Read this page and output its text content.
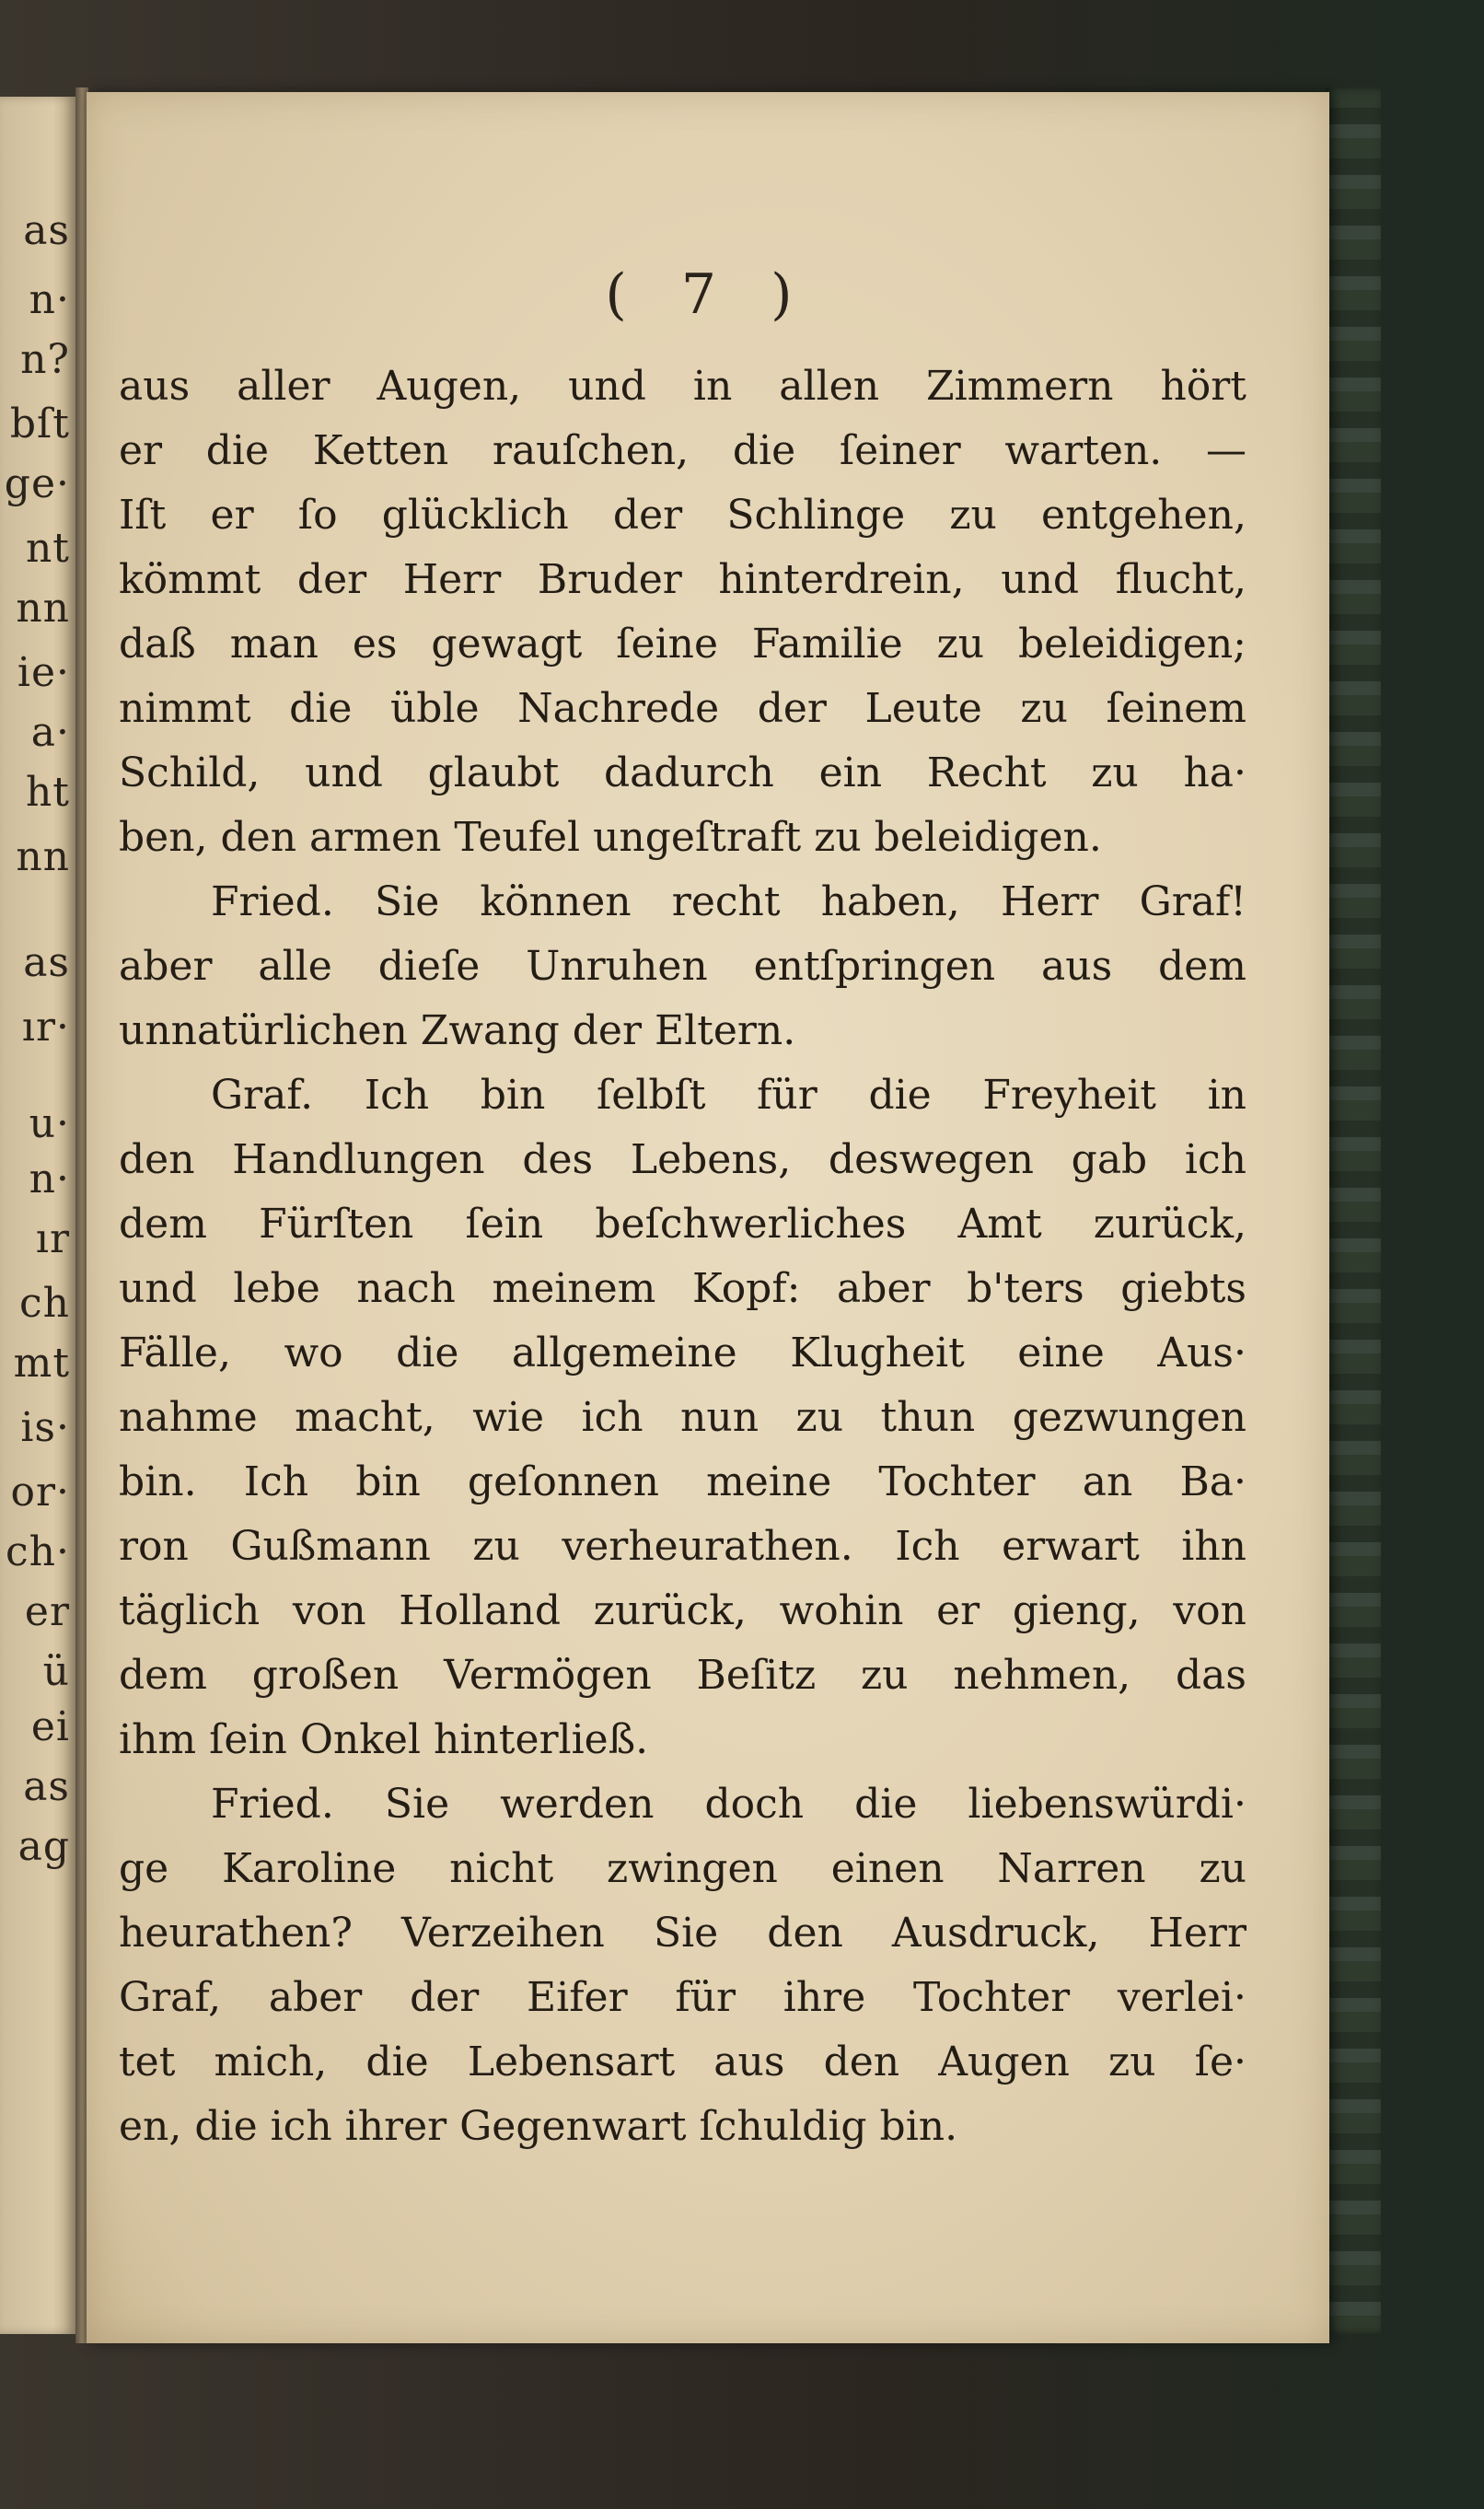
as
n·
n?
bſt
ge·
nt
nn
ie·
a·
ht
nn
as
ır·
u·
n·
ır
ch
mt
is·
or·
ch·
er
ü
ei
as
ag
( 7 )
aus aller Augen, und in allen Zimmern hört
er die Ketten rauſchen, die ſeiner warten. —
Iſt er ſo glücklich der Schlinge zu entgehen,
kömmt der Herr Bruder hinterdrein, und flucht,
daß man es gewagt ſeine Familie zu beleidigen;
nimmt die üble Nachrede der Leute zu ſeinem
Schild, und glaubt dadurch ein Recht zu ha·
ben, den armen Teufel ungeſtraft zu beleidigen.
Fried. Sie können recht haben, Herr Graf!
aber alle dieſe Unruhen entſpringen aus dem
unnatürlichen Zwang der Eltern.
Graf. Ich bin ſelbſt für die Freyheit in
den Handlungen des Lebens, deswegen gab ich
dem Fürſten ſein beſchwerliches Amt zurück,
und lebe nach meinem Kopf: aber b'ters giebts
Fälle, wo die allgemeine Klugheit eine Aus·
nahme macht, wie ich nun zu thun gezwungen
bin. Ich bin geſonnen meine Tochter an Ba·
ron Gußmann zu verheurathen. Ich erwart ihn
täglich von Holland zurück, wohin er gieng, von
dem großen Vermögen Beſitz zu nehmen, das
ihm ſein Onkel hinterließ.
Fried. Sie werden doch die liebenswürdi·
ge Karoline nicht zwingen einen Narren zu
heurathen? Verzeihen Sie den Ausdruck, Herr
Graf, aber der Eifer für ihre Tochter verlei·
tet mich, die Lebensart aus den Augen zu ſe·
en, die ich ihrer Gegenwart ſchuldig bin.
